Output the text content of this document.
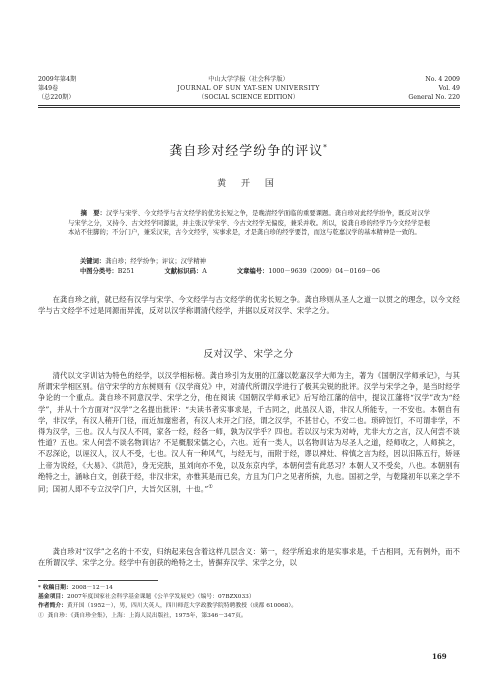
2009年第4期
第49卷
（总220期）
中山大学学报（社会科学版）
JOURNAL OF SUN YAT-SEN UNIVERSITY
（SOCIAL SCIENCE EDITION）
No. 4 2009
Vol. 49
General No. 220
龚自珍对经学纷争的评议*
黄 开 国
摘　要：汉学与宋学、今文经学与古文经学的优劣长短之争，是晚清经学面临的重要课题。龚自珍对此经学纷争，既反对汉学与宋学之分，又持今、古文经学同源说，并主张汉学宋学、今古文经学无偏废，兼采并收。所以，说龚自珍的经学乃今文经学是根本站不住脚的；不分门户，兼采汉宋，古今文经学，实事求是，才是龚自珍的经学要旨，而这与乾嘉汉学的基本精神是一致的。
关键词：龚自珍；经学纷争；评议；汉学精神
中图分类号：B251	文献标识码：A	文章编号：1000－9639（2009）04－0169－06
在龚自珍之前，就已经有汉学与宋学、今文经学与古文经学的优劣长短之争。龚自珍则从圣人之道一以贯之的理念，以今文经学与古文经学不过是同源而异流，反对以汉学称谓清代经学，并据以反对汉学、宋学之分。
反对汉学、宋学之分
清代以文字训诂为特色的经学，以汉学相标榜。龚自珍引为友朋的江藩以乾嘉汉学大师为主，著为《国朝汉学师承记》，与其所谓宋学相区别。信守宋学的方东树则有《汉学商兑》中，对清代所谓汉学进行了极其尖锐的批评。汉学与宋学之争，是当时经学争论的一个重点。龚自珍不同意汉学、宋学之分，他在阅读《国朝汉学师承记》后写给江藩的信中，提议江藩将“汉学”改为“经学”，并从十个方面对“汉学”之名提出批评：“夫读书者实事求是，千古同之，此虽汉人语，非汉人所能专，一不安也。本朝自有学，非汉学，有汉人稍开门径，而近加邃密者，有汉人未开之门径，谓之汉学，不甚甘心，不安二也。琐碎饾饤，不可谓非学，不得为汉学，三也。汉人与汉人不同，家各一经，经各一师，孰为汉学乎？四也。若以汉与宋为对峙，尤非大方之言，汉人何尝不谈性道？五也。宋人何尝不谈名物训诂？不足概服宋儒之心，六也。近有一类人，以名物训诂为尽圣人之道，经师收之，人师摈之，不忍深论，以诬汉人，汉人不受，七也。汉人有一种风气，与经无与，而附于经，谬以裨灶、梓慎之言为经，因以汨陈五行，矫诬上帝为说经，《大易》、《洪范》，身无完肤，虽刘向亦不免，以及东京内学，本朝何尝有此恶习？本朝人又不受矣，八也。本朝别有绝特之士，涵咏白文，创获于经，非汉非宋，亦惟其是而已矣，方且为门户之见者所摈，九也。国初之学，与乾隆初年以来之学不同；国初人即不专立汉学门户，大旨欠区别，十也。”①
龚自珍对“汉学”之名的十不安，归纳起来包含着这样几层含义：第一，经学所追求的是实事求是，千古相同，无有例外，而不在所谓汉学、宋学之分。经学中有创获的绝特之士，皆摒弃汉学、宋学之分，以
* 收稿日期：2008－12－14
基金项目：2007年度国家社会科学基金课题《公羊学发展史》（编号：07BZX033）
作者简介：黄开国（1952－），男，四川大英人，四川师范大学政教学院特聘教授（成都 610068）。
① 龚自珍：《龚自珍全集》，上海：上海人民出版社，1975年，第346－347页。
169
